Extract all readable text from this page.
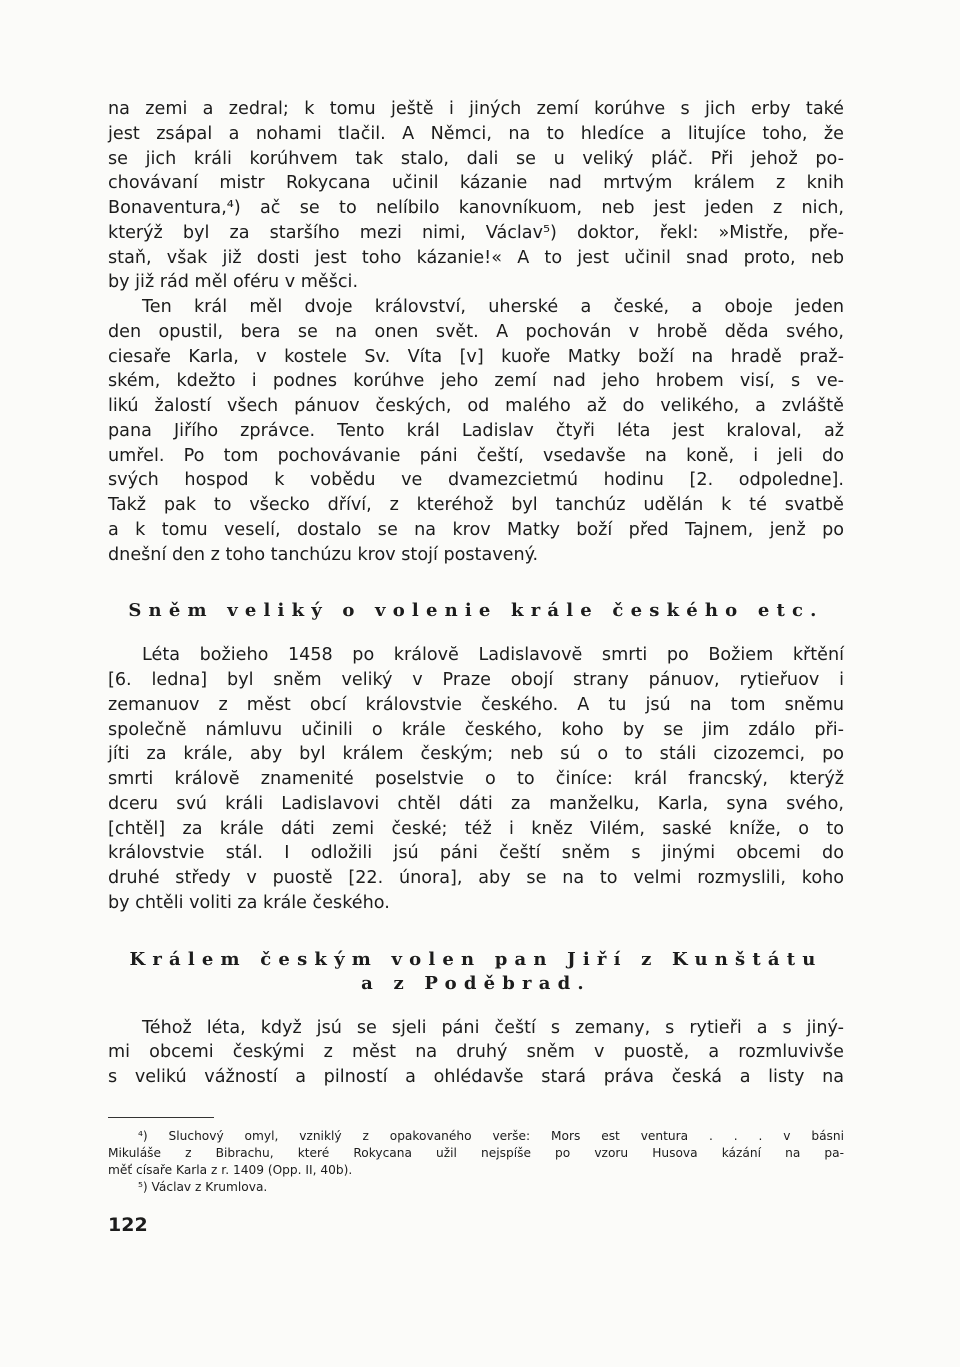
na zemi a zedral; k tomu ještě i jiných zemí korúhve s jich erby také
jest zsápal a nohami tlačil. A Němci, na to hledíce a litujíce toho, že
se jich králi korúhvem tak stalo, dali se u veliký pláč. Při jehož po-
chovávaní mistr Rokycana učinil kázanie nad mrtvým králem z knih
Bonaventura,⁴) ač se to nelíbilo kanovníkuom, neb jest jeden z nich,
kterýž byl za staršího mezi nimi, Václav⁵) doktor, řekl: »Mistře, pře-
staň, však již dosti jest toho kázanie!« A to jest učinil snad proto, neb
by již rád měl oféru v měšci.

Ten král měl dvoje království, uherské a české, a oboje jeden
den opustil, bera se na onen svět. A pochován v hrobě děda svého,
ciesaře Karla, v kostele Sv. Víta [v] kuoře Matky boží na hradě praž-
ském, kdežto i podnes korúhve jeho zemí nad jeho hrobem visí, s ve-
likú žalostí všech pánuov českých, od malého až do velikého, a zvláště
pana Jiřího zprávce. Tento král Ladislav čtyři léta jest kraloval, až
umřel. Po tom pochovávanie páni čeští, vsedavše na koně, i jeli do
svých hospod k vobědu ve dvamezcietmú hodinu [2. odpoledne].
Takž pak to všecko dříví, z kteréhož byl tanchúz udělán k té svatbě
a k tomu veselí, dostalo se na krov Matky boží před Tajnem, jenž po
dnešní den z toho tanchúzu krov stojí postavený.

Sněm veliký o volenie krále českého etc.

Léta božieho 1458 po královĕ Ladislavovĕ smrti po Božiem křtění
[6. ledna] byl sněm veliký v Praze obojí strany pánuov, rytieřuov i
zemanuov z měst obcí královstvie českého. A tu jsú na tom sněmu
společně námluvu učinili o krále českého, koho by se jim zdálo při-
jíti za krále, aby byl králem českým; neb sú o to stáli cizozemci, po
smrti královĕ znamenité poselstvie o to činíce: král francský, kterýž
dceru svú králi Ladislavovi chtěl dáti za manželku, Karla, syna svého,
[chtěl] za krále dáti zemi české; též i kněz Vilém, saské kníže, o to
královstvie stál. I odložili jsú páni čeští sněm s jinými obcemi do
druhé středy v puostě [22. února], aby se na to velmi rozmyslili, koho
by chtěli voliti za krále českého.

Králem českým volen pan Jiří z Kunštátu
a z Poděbrad.

Téhož léta, když jsú se sjeli páni čeští s zemany, s rytieři a s jiný-
mi obcemi českými z měst na druhý sněm v puostě, a rozmluvivše
s velikú vážností a pilností a ohlédavše stará práva česká a listy na

⁴) Sluchový omyl, vzniklý z opakovaného verše: Mors est ventura . . . v básni
Mikuláše z Bibrachu, které Rokycana užil nejspíše po vzoru Husova kázání na pa-
měť císaře Karla z r. 1409 (Opp. II, 40b).
⁵) Václav z Krumlova.
122
